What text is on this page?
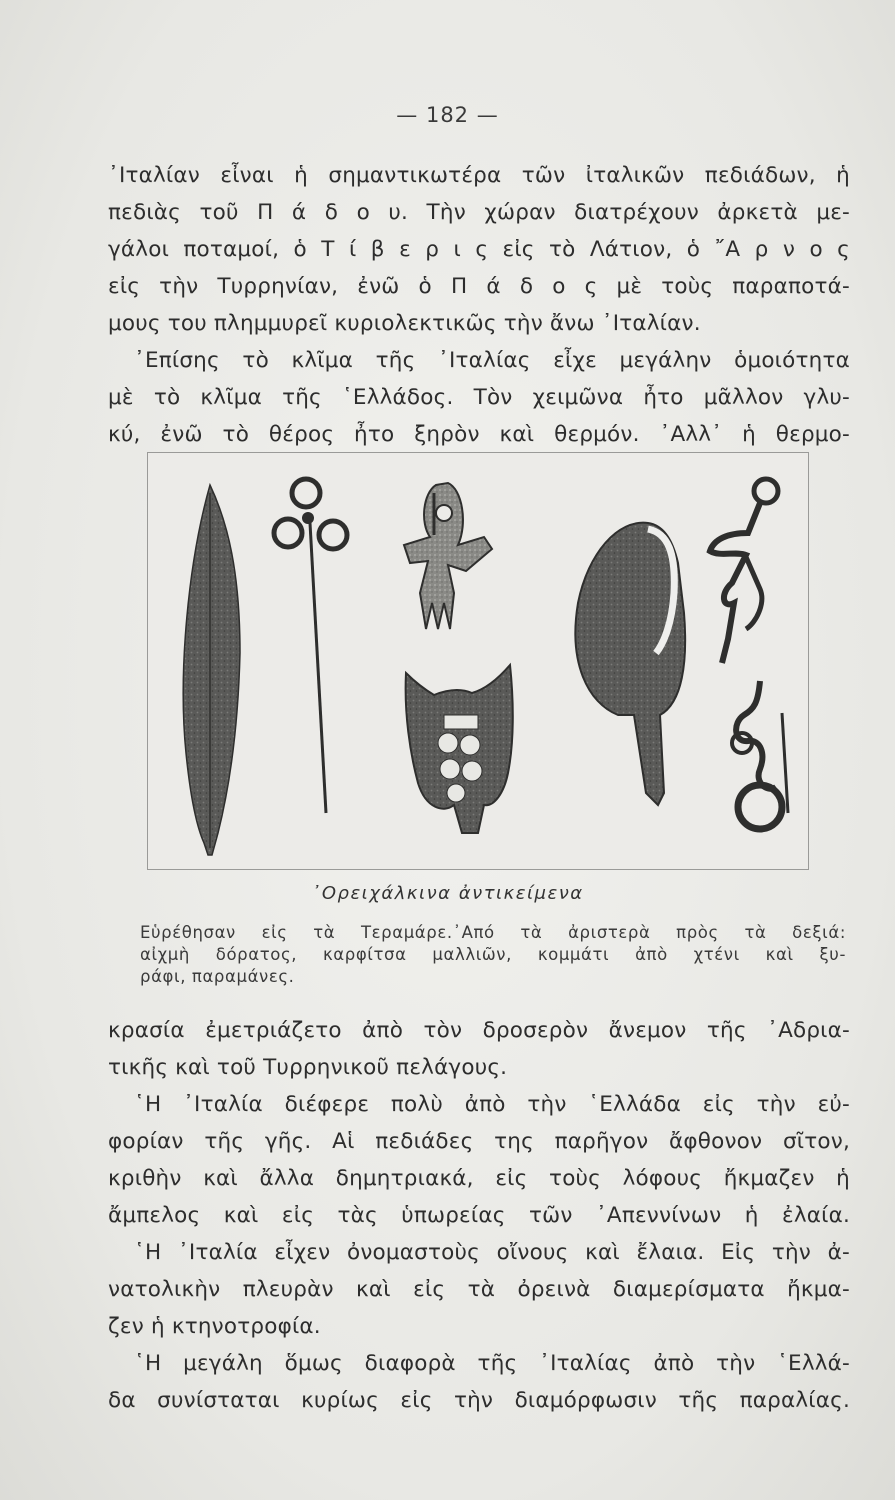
— 182 —
᾿Ιταλίαν εἶναι ἡ σημαντικωτέρα τῶν ἰταλικῶν πεδιάδων, ἡ
πεδιὰς τοῦ Π ά δ ο υ. Τὴν χώραν διατρέχουν ἀρκετὰ με-
γάλοι ποταμοί, ὁ Τ ί β ε ρ ι ς εἰς τὸ Λάτιον, ὁ ῎Α ρ ν ο ς
εἰς τὴν Τυρρηνίαν, ἐνῶ ὁ Π ά δ ο ς μὲ τοὺς παραποτά-
μους του πλημμυρεῖ κυριολεκτικῶς τὴν ἄνω ᾿Ιταλίαν.
᾿Επίσης τὸ κλῖμα τῆς ᾿Ιταλίας εἶχε μεγάλην ὁμοιότητα
μὲ τὸ κλῖμα τῆς ῾Ελλάδος. Τὸν χειμῶνα ἦτο μᾶλλον γλυ-
κύ, ἐνῶ τὸ θέρος ἦτο ξηρὸν καὶ θερμόν. ᾿Αλλ᾿ ἡ θερμο-
᾿Ορειχάλκινα ἀντικείμενα
Εὑρέθησαν εἰς τὰ Τεραμάρε.᾿Από τὰ ἀριστερὰ πρὸς τὰ δεξιά:
αἰχμὴ δόρατος, καρφίτσα μαλλιῶν, κομμάτι ἀπὸ χτένι καὶ ξυ-
ράφι, παραμάνες.
κρασία ἐμετριάζετο ἀπὸ τὸν δροσερὸν ἄνεμον τῆς ᾿Αδρια-
τικῆς καὶ τοῦ Τυρρηνικοῦ πελάγους.
῾Η ᾿Ιταλία διέφερε πολὺ ἀπὸ τὴν ῾Ελλάδα εἰς τὴν εὐ-
φορίαν τῆς γῆς. Αἱ πεδιάδες της παρῆγον ἄφθονον σῖτον,
κριθὴν καὶ ἄλλα δημητριακά, εἰς τοὺς λόφους ἤκμαζεν ἡ
ἄμπελος καὶ εἰς τὰς ὑπωρείας τῶν ᾿Απεννίνων ἡ ἐλαία.
῾Η ᾿Ιταλία εἶχεν ὀνομαστοὺς οἴνους καὶ ἔλαια. Εἰς τὴν ἀ-
νατολικὴν πλευρὰν καὶ εἰς τὰ ὀρεινὰ διαμερίσματα ἤκμα-
ζεν ἡ κτηνοτροφία.
῾Η μεγάλη ὅμως διαφορὰ τῆς ᾿Ιταλίας ἀπὸ τὴν ῾Ελλά-
δα συνίσταται κυρίως εἰς τὴν διαμόρφωσιν τῆς παραλίας.
